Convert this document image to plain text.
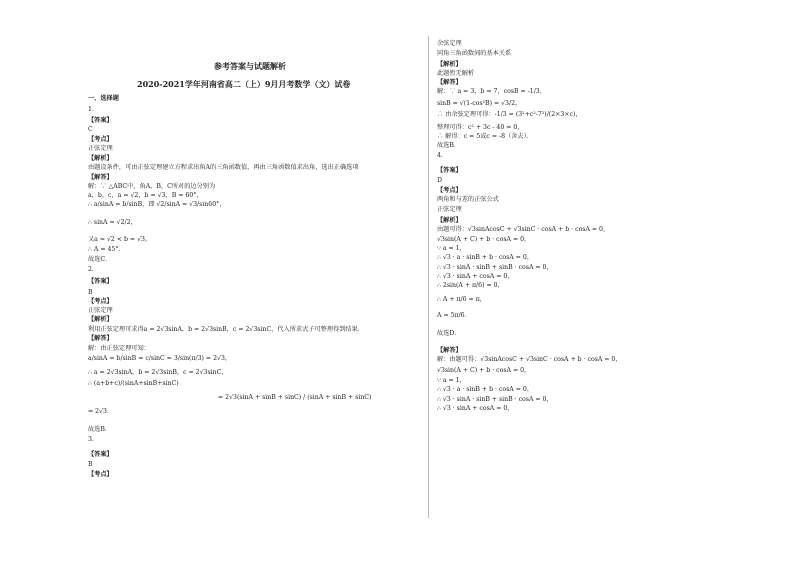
一、选择题
1.
【答案】
C
【考点】
正弦定理
【解析】
由题设条件，可由正弦定理建立方程求出角A的三角函数值，再由三角函数值求出角，选出正确选项
【解答】
解：∵ △ABC中，角A，B，C所对的边分别为
a，b，c，a = √2，b = √3，B = 60°，
∴ a/sinA = b/sinB，即 √2/sinA = √3/sin60°，
∴ sinA = √2/2，
又a = √2 < b = √3，
∴ A = 45°．
故选C．
2.
【答案】
B
【考点】
正弦定理
【解析】
利用正弦定理可求得a = 2√3sinA，b = 2√3sinB，c = 2√3sinC，代入所求式子可整理得到结果．
【解答】
解：由正弦定理可知：
a/sinA = b/sinB = c/sinC = 3/sin(π/3) = 2√3，
∴ a = 2√3sinA，b = 2√3sinB，c = 2√3sinC，
∴ (a+b+c)/(sinA+sinB+sinC)
= 2√3(sinA + sinB + sinC) / (sinA + sinB + sinC)
= 2√3．
故选B．
3.
【答案】
B
【考点】
余弦定理
同角三角函数间的基本关系
【解析】
此题暂无解析
【解答】
解：∵ a = 3，b = 7，cosB = -1/3，
sinB = √(1-cos²B) = √3/2，
∴ 由余弦定理可得：-1/3 = (3²+c²-7²)/(2×3×c)，
整理可得：c² + 3c - 40 = 0，
∴ 解得：c = 5或c = -8（舍去）．
故选B．
4.
【答案】
D
【考点】
两角和与差的正弦公式
正弦定理
【解析】
由题可得：√3sinAcosC + √3sinC · cosA + b · cosA = 0，
√3sin(A + C) + b · cosA = 0，
∵ a = 1，
∴ √3 · a · sinB + b · cosA = 0，
∴ √3 · sinA · sinB + sinB · cosA = 0，
∴ √3 · sinA + cosA = 0，
∴ 2sin(A + π/6) = 0，
∴ A + π/6 = π，
A = 5π/6．
故选D．
【解答】
解：由题可得：√3sinAcosC + √3sinC · cosA + b · cosA = 0，
√3sin(A + C) + b · cosA = 0，
∵ a = 1，
∴ √3 · a · sinB + b · cosA = 0，
∴ √3 · sinA · sinB + sinB · cosA = 0，
∴ √3 · sinA + cosA = 0，
参考答案与试题解析
2020-2021学年河南省高二（上）9月月考数学（文）试卷
